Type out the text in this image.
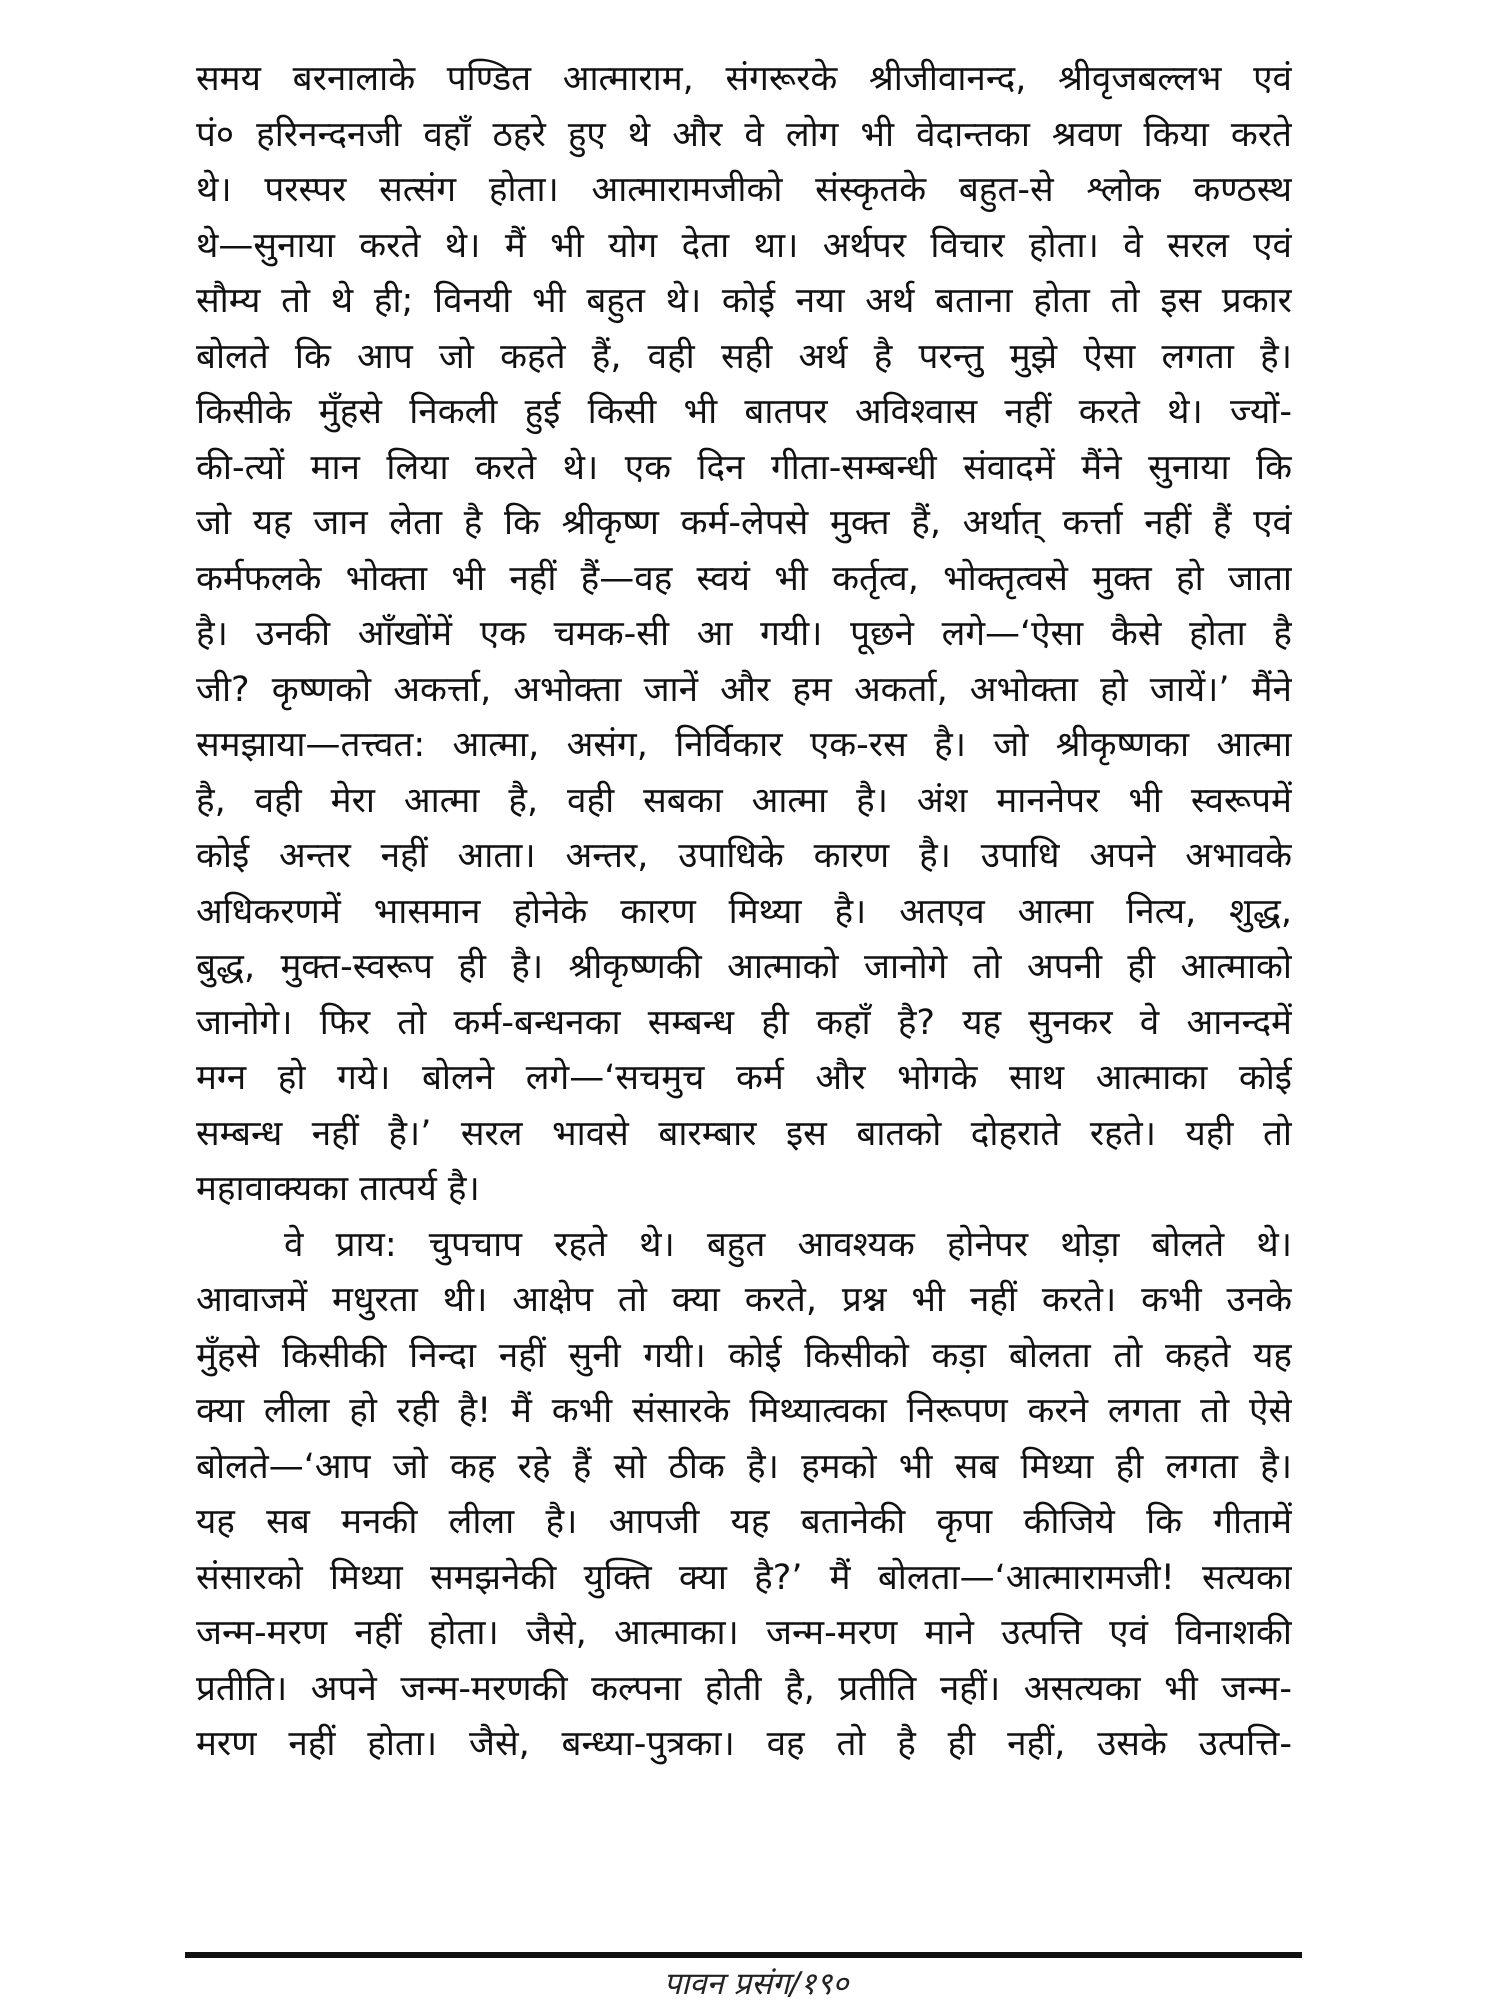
समय बरनालाके पण्डित आत्माराम, संगरूरके श्रीजीवानन्द, श्रीवृजबल्लभ एवं
पं० हरिनन्दनजी वहाँ ठहरे हुए थे और वे लोग भी वेदान्तका श्रवण किया करते
थे। परस्पर सत्संग होता। आत्मारामजीको संस्कृतके बहुत-से श्लोक कण्ठस्थ
थे—सुनाया करते थे। मैं भी योग देता था। अर्थपर विचार होता। वे सरल एवं
सौम्य तो थे ही; विनयी भी बहुत थे। कोई नया अर्थ बताना होता तो इस प्रकार
बोलते कि आप जो कहते हैं, वही सही अर्थ है परन्तु मुझे ऐसा लगता है।
किसीके मुँहसे निकली हुई किसी भी बातपर अविश्वास नहीं करते थे। ज्यों-
की-त्यों मान लिया करते थे। एक दिन गीता-सम्बन्धी संवादमें मैंने सुनाया कि
जो यह जान लेता है कि श्रीकृष्ण कर्म-लेपसे मुक्त हैं, अर्थात् कर्त्ता नहीं हैं एवं
कर्मफलके भोक्ता भी नहीं हैं—वह स्वयं भी कर्तृत्व, भोक्तृत्वसे मुक्त हो जाता
है। उनकी आँखोंमें एक चमक-सी आ गयी। पूछने लगे—‘ऐसा कैसे होता है
जी? कृष्णको अकर्त्ता, अभोक्ता जानें और हम अकर्ता, अभोक्ता हो जायें।’ मैंने
समझाया—तत्त्वत: आत्मा, असंग, निर्विकार एक-रस है। जो श्रीकृष्णका आत्मा
है, वही मेरा आत्मा है, वही सबका आत्मा है। अंश माननेपर भी स्वरूपमें
कोई अन्तर नहीं आता। अन्तर, उपाधिके कारण है। उपाधि अपने अभावके
अधिकरणमें भासमान होनेके कारण मिथ्या है। अतएव आत्मा नित्य, शुद्ध,
बुद्ध, मुक्त-स्वरूप ही है। श्रीकृष्णकी आत्माको जानोगे तो अपनी ही आत्माको
जानोगे। फिर तो कर्म-बन्धनका सम्बन्ध ही कहाँ है? यह सुनकर वे आनन्दमें
मग्न हो गये। बोलने लगे—‘सचमुच कर्म और भोगके साथ आत्माका कोई
सम्बन्ध नहीं है।’ सरल भावसे बारम्बार इस बातको दोहराते रहते। यही तो
महावाक्यका तात्पर्य है।
वे प्राय: चुपचाप रहते थे। बहुत आवश्यक होनेपर थोड़ा बोलते थे।
आवाजमें मधुरता थी। आक्षेप तो क्या करते, प्रश्न भी नहीं करते। कभी उनके
मुँहसे किसीकी निन्दा नहीं सुनी गयी। कोई किसीको कड़ा बोलता तो कहते यह
क्या लीला हो रही है! मैं कभी संसारके मिथ्यात्वका निरूपण करने लगता तो ऐसे
बोलते—‘आप जो कह रहे हैं सो ठीक है। हमको भी सब मिथ्या ही लगता है।
यह सब मनकी लीला है। आपजी यह बतानेकी कृपा कीजिये कि गीतामें
संसारको मिथ्या समझनेकी युक्ति क्या है?’ मैं बोलता—‘आत्मारामजी! सत्यका
जन्म-मरण नहीं होता। जैसे, आत्माका। जन्म-मरण माने उत्पत्ति एवं विनाशकी
प्रतीति। अपने जन्म-मरणकी कल्पना होती है, प्रतीति नहीं। असत्यका भी जन्म-
मरण नहीं होता। जैसे, बन्ध्या-पुत्रका। वह तो है ही नहीं, उसके उत्पत्ति-
पावन प्रसंग/१९०
